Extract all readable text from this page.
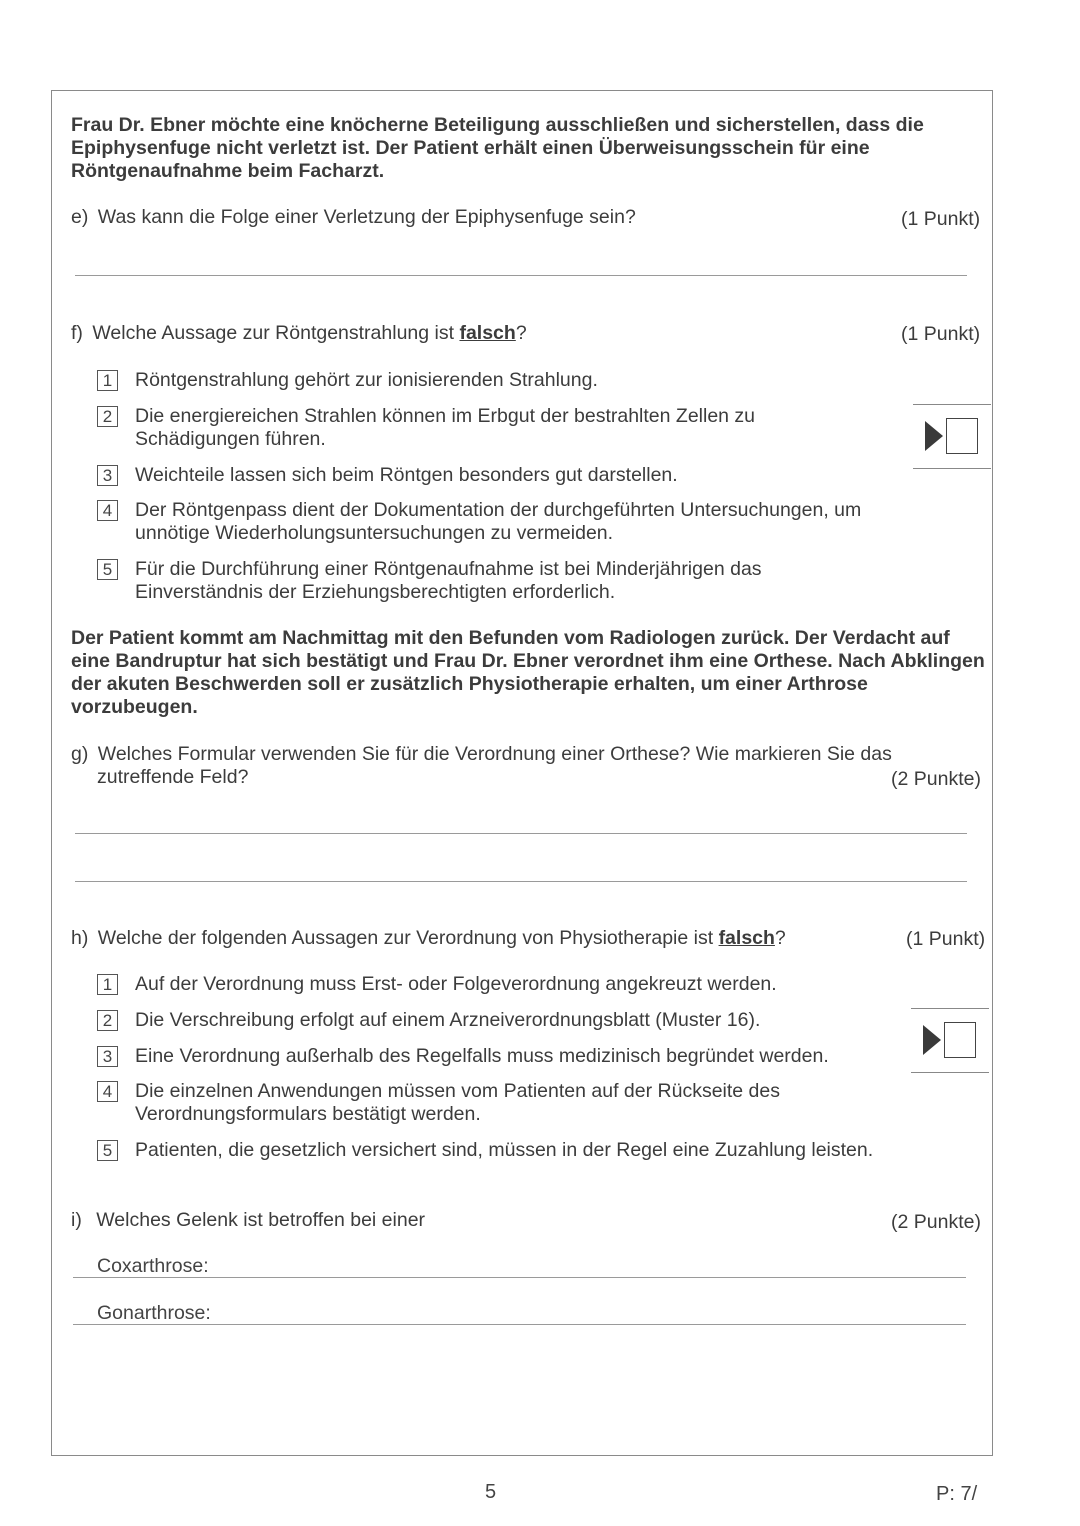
Frau Dr. Ebner möchte eine knöcherne Beteiligung ausschließen und sicherstellen, dass die Epiphysenfuge nicht verletzt ist. Der Patient erhält einen Überweisungsschein für eine Röntgenaufnahme beim Facharzt.
e) Was kann die Folge einer Verletzung der Epiphysenfuge sein?	(1 Punkt)
f) Welche Aussage zur Röntgenstrahlung ist falsch?	(1 Punkt)
1 Röntgenstrahlung gehört zur ionisierenden Strahlung.
2 Die energiereichen Strahlen können im Erbgut der bestrahlten Zellen zu Schädigungen führen.
3 Weichteile lassen sich beim Röntgen besonders gut darstellen.
4 Der Röntgenpass dient der Dokumentation der durchgeführten Untersuchungen, um unnötige Wiederholungsuntersuchungen zu vermeiden.
5 Für die Durchführung einer Röntgenaufnahme ist bei Minderjährigen das Einverständnis der Erziehungsberechtigten erforderlich.
Der Patient kommt am Nachmittag mit den Befunden vom Radiologen zurück. Der Verdacht auf eine Bandruptur hat sich bestätigt und Frau Dr. Ebner verordnet ihm eine Orthese. Nach Abklingen der akuten Beschwerden soll er zusätzlich Physiotherapie erhalten, um einer Arthrose vorzubeugen.
g) Welches Formular verwenden Sie für die Verordnung einer Orthese? Wie markieren Sie das
zutreffende Feld?	(2 Punkte)
h) Welche der folgenden Aussagen zur Verordnung von Physiotherapie ist falsch?	(1 Punkt)
1 Auf der Verordnung muss Erst- oder Folgeverordnung angekreuzt werden.
2 Die Verschreibung erfolgt auf einem Arzneiverordnungsblatt (Muster 16).
3 Eine Verordnung außerhalb des Regelfalls muss medizinisch begründet werden.
4 Die einzelnen Anwendungen müssen vom Patienten auf der Rückseite des Verordnungsformulars bestätigt werden.
5 Patienten, die gesetzlich versichert sind, müssen in der Regel eine Zuzahlung leisten.
i) Welches Gelenk ist betroffen bei einer	(2 Punkte)
Coxarthrose:
Gonarthrose:
5	P: 7/
